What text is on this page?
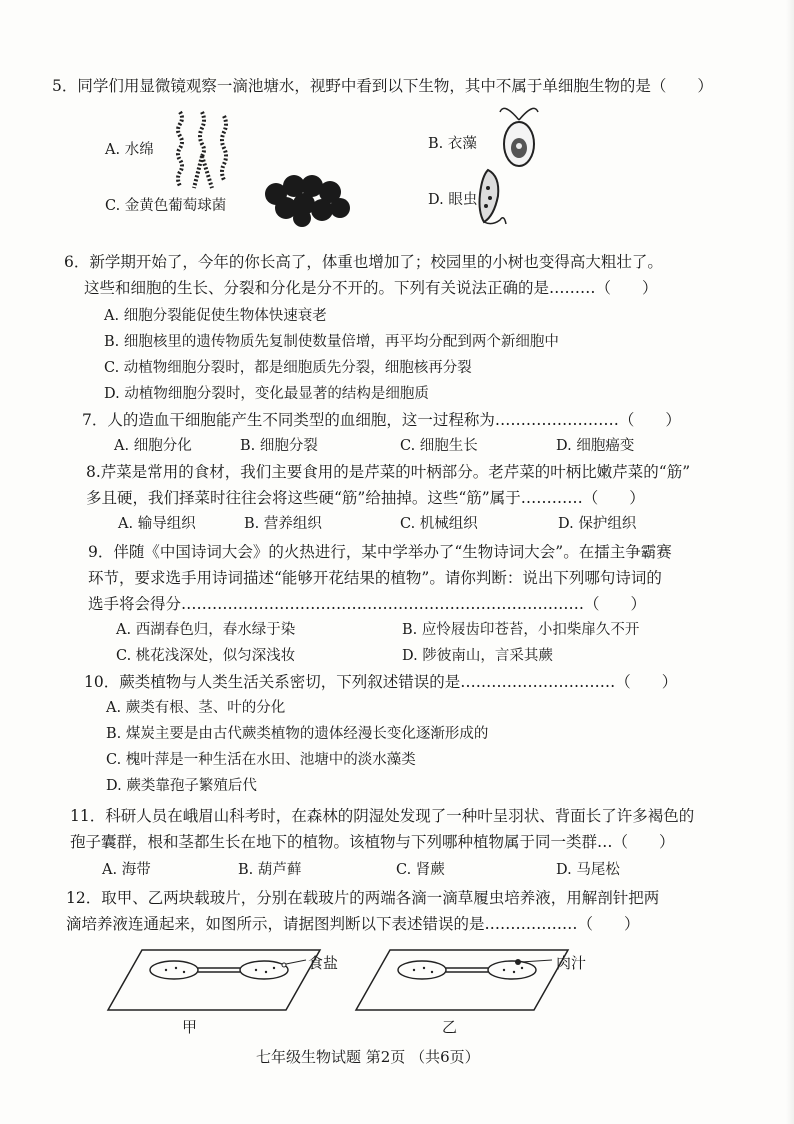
5．同学们用显微镜观察一滴池塘水，视野中看到以下生物，其中不属于单细胞生物的是（　　）
A. 水绵	B. 衣藻
C. 金黄色葡萄球菌	D. 眼虫
6．新学期开始了，今年的你长高了，体重也增加了；校园里的小树也变得高大粗壮了。
这些和细胞的生长、分裂和分化是分不开的。下列有关说法正确的是………（　　）
A. 细胞分裂能促使生物体快速衰老
B. 细胞核里的遗传物质先复制使数量倍增，再平均分配到两个新细胞中
C. 动植物细胞分裂时，都是细胞质先分裂，细胞核再分裂
D. 动植物细胞分裂时，变化最显著的结构是细胞质
7．人的造血干细胞能产生不同类型的血细胞，这一过程称为……………………（　　）
A. 细胞分化	B. 细胞分裂	C. 细胞生长	D. 细胞癌变
8.芹菜是常用的食材，我们主要食用的是芹菜的叶柄部分。老芹菜的叶柄比嫩芹菜的“筋”
多且硬，我们择菜时往往会将这些硬“筋”给抽掉。这些“筋”属于…………（　　）
A. 输导组织	B. 营养组织	C. 机械组织	D. 保护组织
9．伴随《中国诗词大会》的火热进行，某中学举办了“生物诗词大会”。在擂主争霸赛
环节，要求选手用诗词描述“能够开花结果的植物”。请你判断：说出下列哪句诗词的
选手将会得分……………………………………………………………………（　　）
A. 西湖春色归，春水绿于染	B. 应怜屐齿印苍苔，小扣柴扉久不开
C. 桃花浅深处，似匀深浅妆	D. 陟彼南山，言采其蕨
10．蕨类植物与人类生活关系密切，下列叙述错误的是…………………………（　　）
A. 蕨类有根、茎、叶的分化
B. 煤炭主要是由古代蕨类植物的遗体经漫长变化逐渐形成的
C. 槐叶萍是一种生活在水田、池塘中的淡水藻类
D. 蕨类靠孢子繁殖后代
11．科研人员在峨眉山科考时，在森林的阴湿处发现了一种叶呈羽状、背面长了许多褐色的
孢子囊群，根和茎都生长在地下的植物。该植物与下列哪种植物属于同一类群…（　　）
A. 海带	B. 葫芦藓	C. 肾蕨	D. 马尾松
12．取甲、乙两块载玻片，分别在载玻片的两端各滴一滴草履虫培养液，用解剖针把两
滴培养液连通起来，如图所示，请据图判断以下表述错误的是………………（　　）
食盐	肉汁
甲	乙
七年级生物试题 第2页 （共6页）
